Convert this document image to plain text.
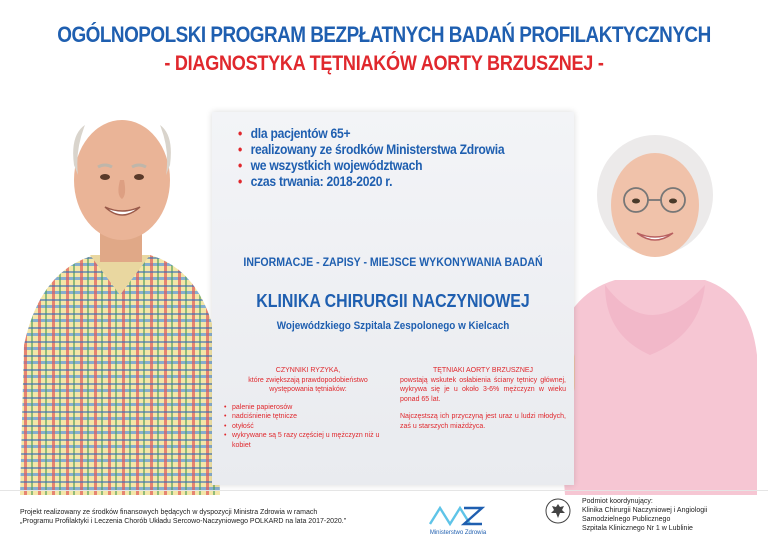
OGÓLNOPOLSKI PROGRAM BEZPŁATNYCH BADAŃ PROFILAKTYCZNYCH
- DIAGNOSTYKA TĘTNIAKÓW AORTY BRZUSZNEJ -
• dla pacjentów 65+
• realizowany ze środków Ministerstwa Zdrowia
• we wszystkich województwach
• czas trwania: 2018-2020 r.
INFORMACJE - ZAPISY - MIEJSCE WYKONYWANIA BADAŃ
KLINIKA CHIRURGII NACZYNIOWEJ
Wojewódzkiego Szpitala Zespolonego w Kielcach
CZYNNIKI RYZYKA,
które zwiększają prawdopodobieństwo
występowania tętniaków:
• palenie papierosów
• nadciśnienie tętnicze
• otyłość
• wykrywane są 5 razy częściej u mężczyzn niż u kobiet
TĘTNIAKI AORTY BRZUSZNEJ

powstają wskutek osłabienia ściany tętnicy głównej, wykrywa się je u około 3-6% mężczyzn w wieku ponad 65 lat.

Najczęstszą ich przyczyną jest uraz u ludzi młodych, zaś u starszych miażdżyca.

Projekt realizowany ze środków finansowych będących w dyspozycji Ministra Zdrowia w ramach
„Programu Profilaktyki i Leczenia Chorób Układu Sercowo-Naczyniowego POLKARD na lata 2017-2020.”
Ministerstwo Zdrowia
Podmiot koordynujący:
Klinika Chirurgii Naczyniowej i Angiologii
Samodzielnego Publicznego
Szpitala Klinicznego Nr 1 w Lublinie
